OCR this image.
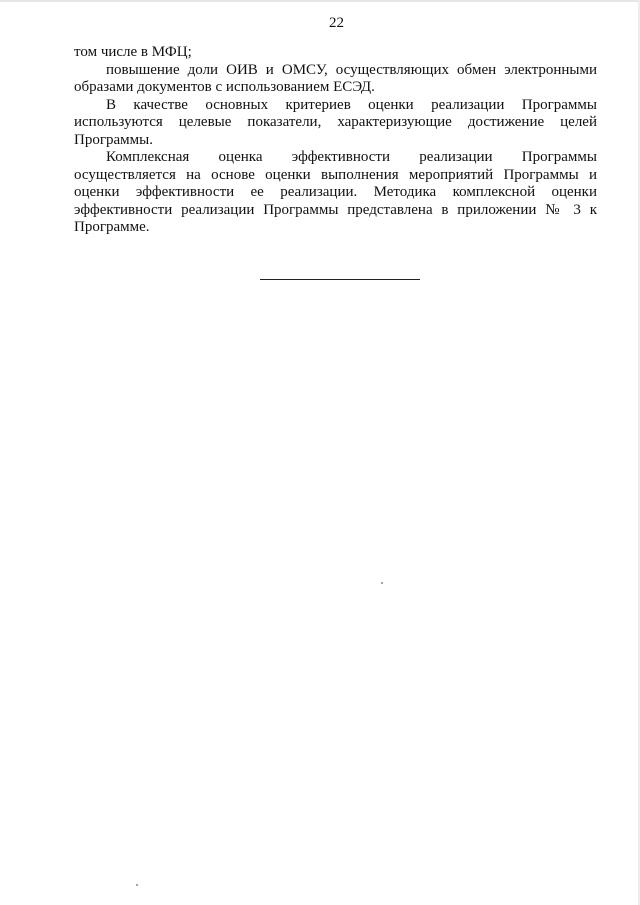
22

том числе в МФЦ;

повышение доли ОИВ и ОМСУ, осуществляющих обмен электронными
образами документов с использованием ЕСЭД.

В качестве основных критериев оценки реализации Программы
используются целевые показатели, характеризующие достижение целей
Программы.

Комплексная оценка эффективности реализации Программы
осуществляется на основе оценки выполнения мероприятий Программы и
оценки эффективности ее реализации. Методика комплексной оценки
эффективности реализации Программы представлена в приложении № 3 к
Программе.
